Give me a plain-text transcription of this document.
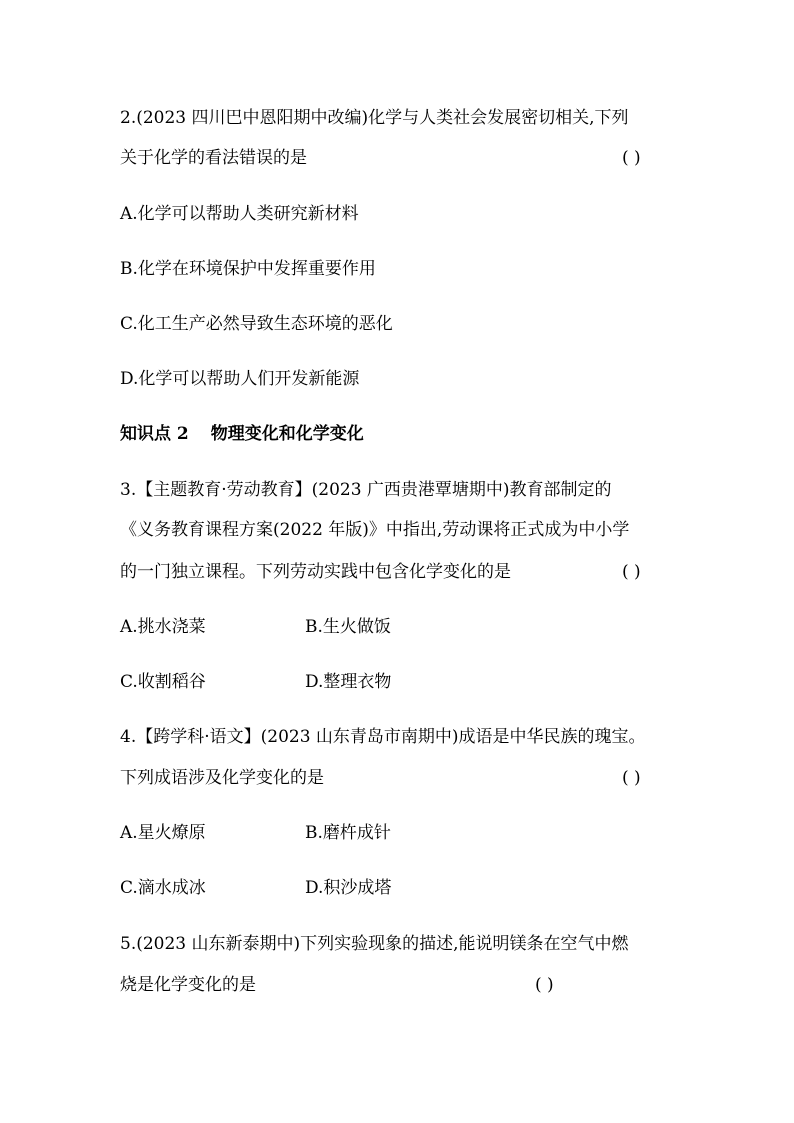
2.(2023 四川巴中恩阳期中改编)化学与人类社会发展密切相关,下列
关于化学的看法错误的是	( )
A.化学可以帮助人类研究新材料
B.化学在环境保护中发挥重要作用
C.化工生产必然导致生态环境的恶化
D.化学可以帮助人们开发新能源
知识点 2 物理变化和化学变化
3.【主题教育·劳动教育】(2023 广西贵港覃塘期中)教育部制定的
《义务教育课程方案(2022 年版)》中指出,劳动课将正式成为中小学
的一门独立课程。下列劳动实践中包含化学变化的是	( )
A.挑水浇菜	B.生火做饭
C.收割稻谷	D.整理衣物
4.【跨学科·语文】(2023 山东青岛市南期中)成语是中华民族的瑰宝。
下列成语涉及化学变化的是	( )
A.星火燎原	B.磨杵成针
C.滴水成冰	D.积沙成塔
5.(2023 山东新泰期中)下列实验现象的描述,能说明镁条在空气中燃
烧是化学变化的是	( )
